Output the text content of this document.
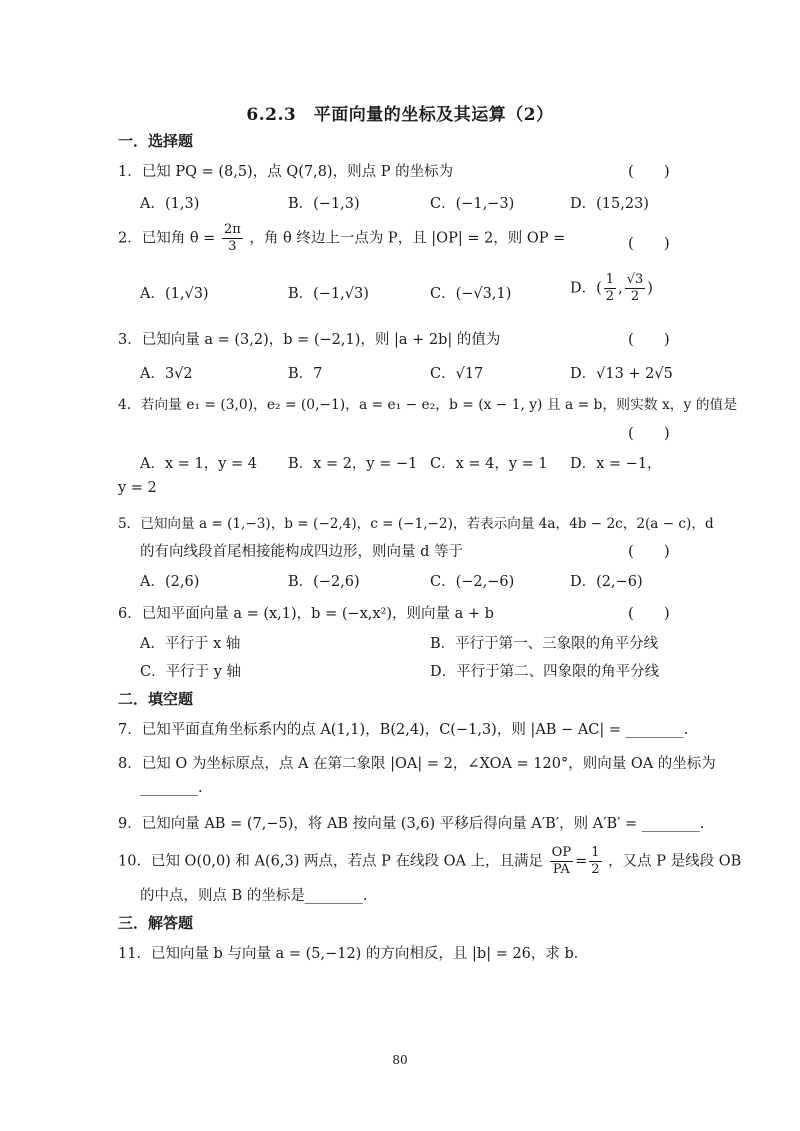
6.2.3　平面向量的坐标及其运算（2）
一．选择题
1．已知 PQ = (8,5)，点 Q(7,8)，则点 P 的坐标为	(　　)
A．(1,3)	B．(−1,3)	C．(−1,−3)	D．(15,23)
2．已知角 $\theta = \frac{2\pi}{3}$ ，角 θ 终边上一点为 P，且 |OP| = 2，则 OP =	(　　)
A．(1,√3)	B．(−1,√3)	C．(−√3,1)	D．( $\frac{1}{2}$ , $\frac{√3}{2}$ )
3．已知向量 a = (3,2)，b = (−2,1)，则 |a + 2b| 的值为	(　　)
A．3√2	B．7	C．√17	D．√13 + 2√5
4．若向量 e₁ = (3,0)，e₂ = (0,−1)，a = e₁ − e₂，b = (x − 1, y) 且 a = b，则实数 x，y 的值是
(　　)
A．x = 1，y = 4 B．x = 2，y = −1 C．x = 4，y = 1 D．x = −1，
y = 2
5．已知向量 a = (1,−3)，b = (−2,4)，c = (−1,−2)，若表示向量 4a，4b − 2c，2(a − c)，d
的有向线段首尾相接能构成四边形，则向量 d 等于	(　　)
A．(2,6)	B．(−2,6)	C．(−2,−6)	D．(2,−6)
6．已知平面向量 a = (x,1)，b = (−x,x²)，则向量 a + b	(　　)
A．平行于 x 轴	B．平行于第一、三象限的角平分线
C．平行于 y 轴	D．平行于第二、四象限的角平分线
二．填空题
7．已知平面直角坐标系内的点 A(1,1)，B(2,4)，C(−1,3)，则 |AB − AC| = ________.
8．已知 O 为坐标原点，点 A 在第二象限 |OA| = 2，∠XOA = 120°，则向量 OA 的坐标为
________.
9．已知向量 AB = (7,−5)，将 AB 按向量 (3,6) 平移后得向量 A′B′，则 A′B′ = ________.
10．已知 O(0,0) 和 A(6,3) 两点，若点 P 在线段 OA 上，且满足 $\frac{OP}{PA} = \frac{1}{2}$ ，又点 P 是线段 OB
的中点，则点 B 的坐标是________.
三．解答题
11．已知向量 b 与向量 a = (5,−12) 的方向相反，且 |b| = 26，求 b．
80
